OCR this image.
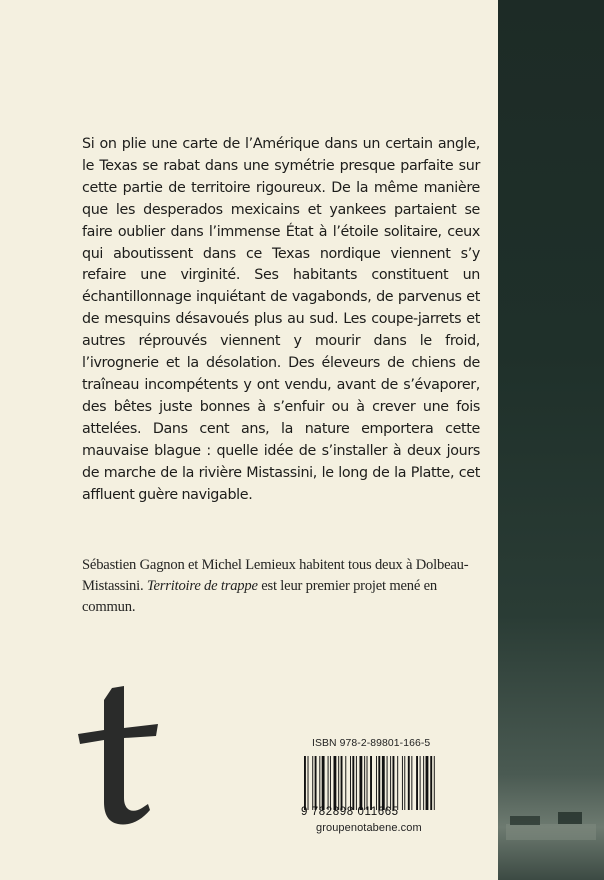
Si on plie une carte de l’Amérique dans un certain angle, le Texas se rabat dans une symétrie presque parfaite sur cette partie de territoire rigoureux. De la même manière que les desperados mexicains et yankees partaient se faire oublier dans l’immense État à l’étoile solitaire, ceux qui aboutissent dans ce Texas nordique viennent s’y refaire une virginité. Ses habitants constituent un échantillonnage inquiétant de vagabonds, de parvenus et de mesquins désavoués plus au sud. Les coupe-jarrets et autres réprouvés viennent y mourir dans le froid, l’ivrognerie et la désolation. Des éleveurs de chiens de traîneau incompétents y ont vendu, avant de s’évaporer, des bêtes juste bonnes à s’enfuir ou à crever une fois attelées. Dans cent ans, la nature emportera cette mauvaise blague : quelle idée de s’installer à deux jours de marche de la rivière Mistassini, le long de la Platte, cet affluent guère navigable.

Sébastien Gagnon et Michel Lemieux habitent tous deux à Dolbeau-Mistassini. Territoire de trappe est leur premier projet mené en commun.

ISBN 978-2-89801-166-5
9 782898 011665
groupenotabene.com
